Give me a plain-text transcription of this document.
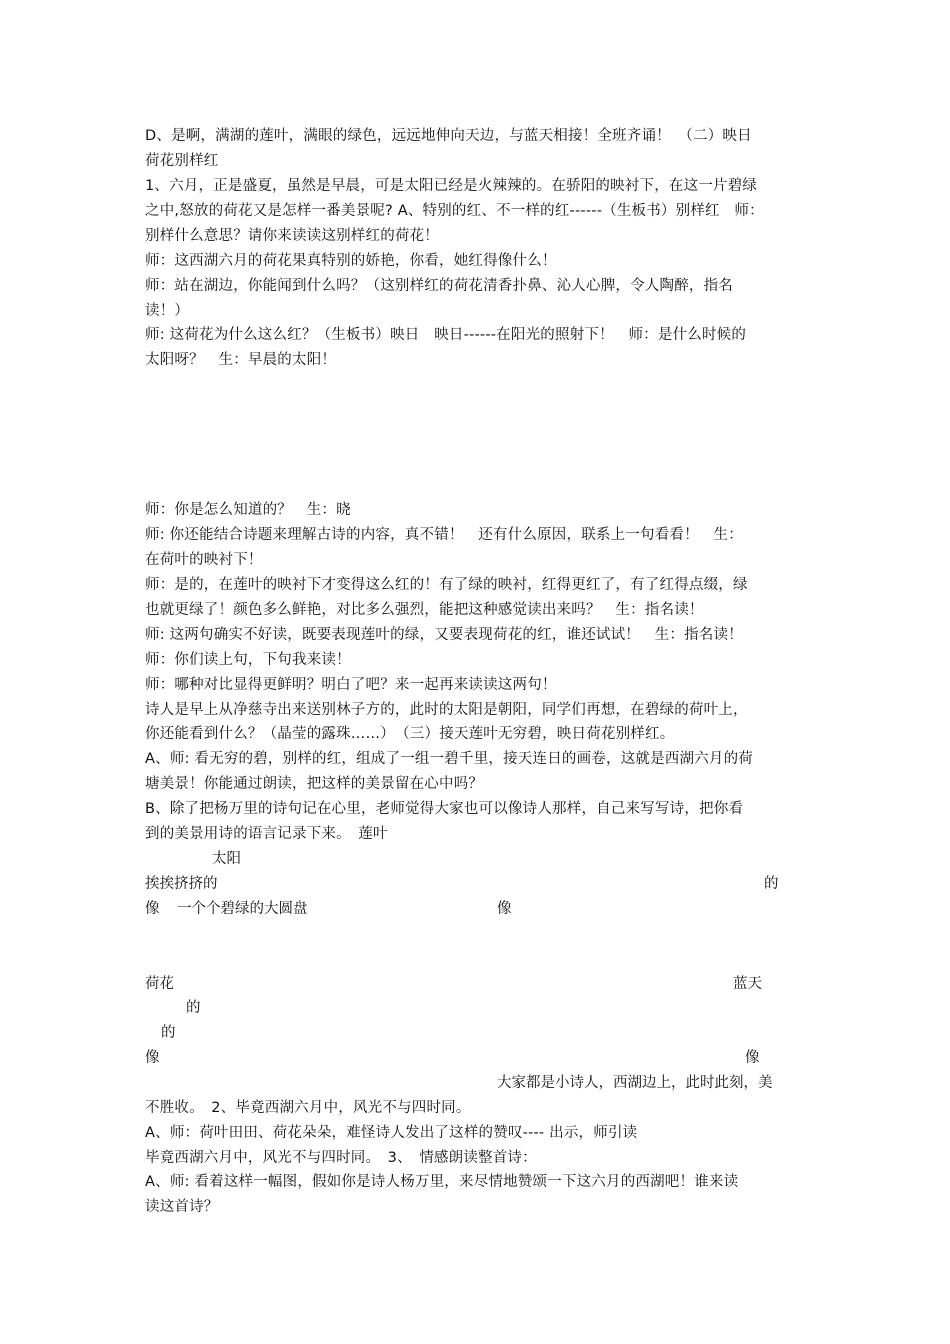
D、是啊，满湖的莲叶，满眼的绿色，远远地伸向天边，与蓝天相接！全班齐诵！　（二）映日
荷花别样红
1、六月，正是盛夏，虽然是早晨，可是太阳已经是火辣辣的。在骄阳的映衬下，在这一片碧绿
之中,怒放的荷花又是怎样一番美景呢? A、特别的红、不一样的红------（生板书）别样红　师：
别样什么意思？请你来读读这别样红的荷花！
师：这西湖六月的荷花果真特别的娇艳，你看，她红得像什么！
师：站在湖边，你能闻到什么吗？（这别样红的荷花清香扑鼻、沁人心脾，令人陶醉，指名
读！）
师: 这荷花为什么这么红？（生板书）映日　映日------在阳光的照射下！　师：是什么时候的
太阳呀？　生：早晨的太阳！
师：你是怎么知道的？　生：晓
师: 你还能结合诗题来理解古诗的内容，真不错！　还有什么原因，联系上一句看看！　生：
在荷叶的映衬下！
师：是的，在莲叶的映衬下才变得这么红的！有了绿的映衬，红得更红了，有了红得点缀，绿
也就更绿了！颜色多么鲜艳，对比多么强烈，能把这种感觉读出来吗？　生：指名读！
师: 这两句确实不好读，既要表现莲叶的绿，又要表现荷花的红，谁还试试！　生：指名读！
师：你们读上句，下句我来读！
师：哪种对比显得更鲜明？明白了吧？来一起再来读读这两句！
诗人是早上从净慈寺出来送别林子方的，此时的太阳是朝阳，同学们再想，在碧绿的荷叶上，
你还能看到什么？（晶莹的露珠……）　（三）接天莲叶无穷碧，映日荷花别样红。
A、师: 看无穷的碧，别样的红，组成了一组一碧千里，接天连日的画卷，这就是西湖六月的荷
塘美景！你能通过朗读，把这样的美景留在心中吗？
B、除了把杨万里的诗句记在心里，老师觉得大家也可以像诗人那样，自己来写写诗，把你看
到的美景用诗的语言记录下来。　莲叶
太阳
挨挨挤挤的	的
像 一个个碧绿的大圆盘	像
荷花	蓝天
的
的
像	像
大家都是小诗人，西湖边上，此时此刻，美
不胜收。　2、毕竟西湖六月中，风光不与四时同。
A、师：荷叶田田、荷花朵朵，难怪诗人发出了这样的赞叹---- 出示，师引读
毕竟西湖六月中，风光不与四时同。　3、　情感朗读整首诗：
A、师: 看着这样一幅图，假如你是诗人杨万里，来尽情地赞颂一下这六月的西湖吧！谁来读
读这首诗？
